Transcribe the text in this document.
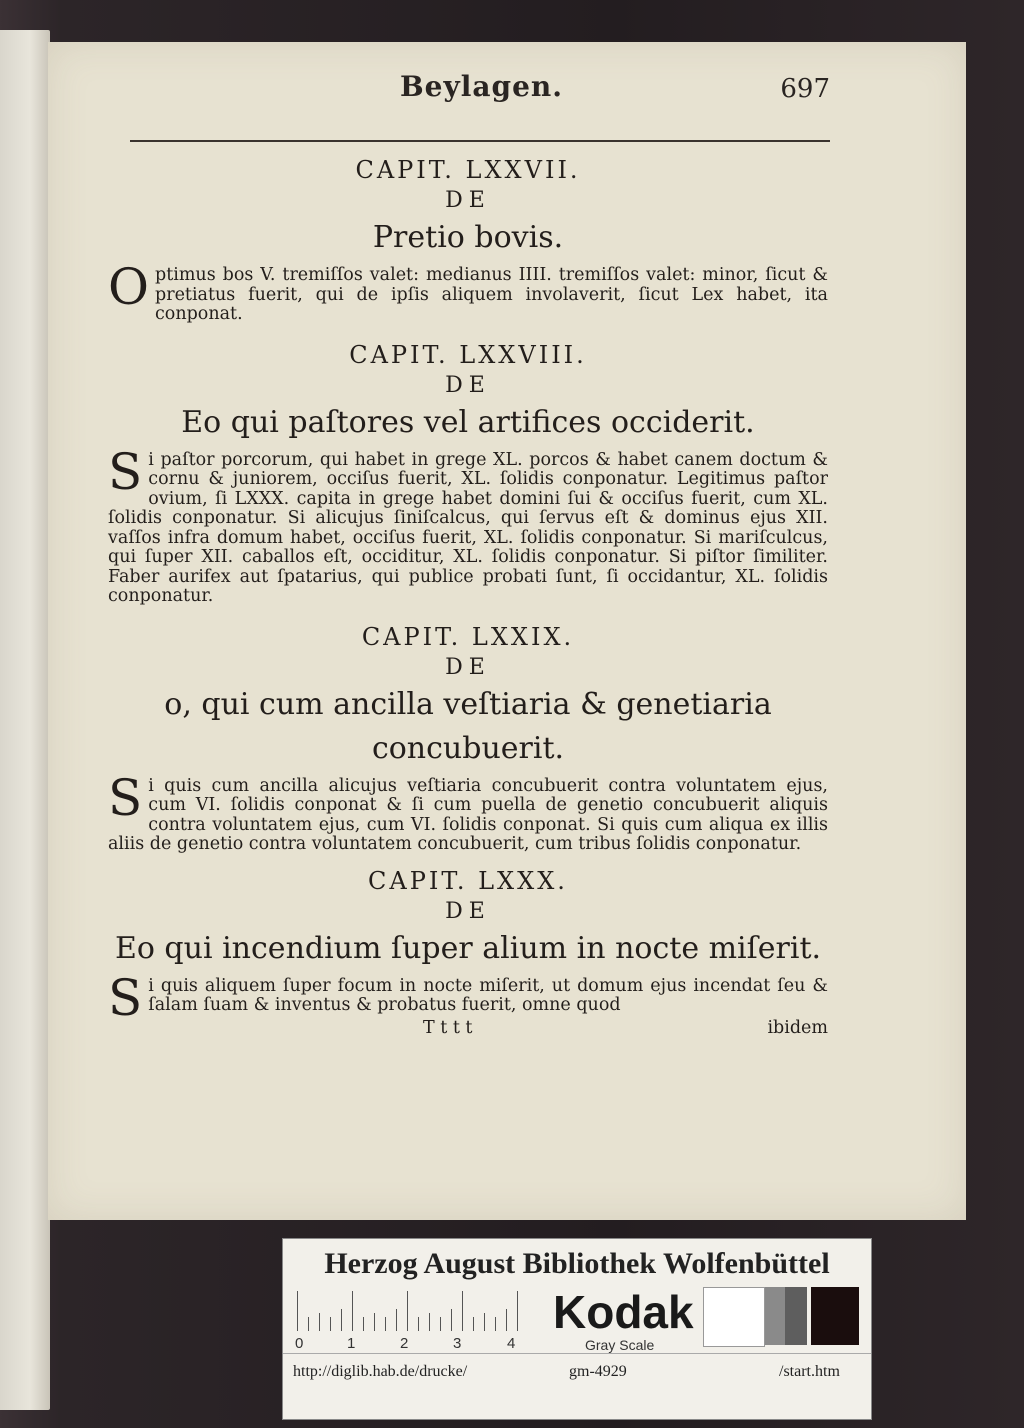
Beylagen.	697

CAPIT. LXXVII.

DE

Pretio bovis.

Optimus bos V. tremiſſos valet: medianus IIII. tremiſſos valet: minor, ſicut & pretiatus fuerit, qui de ipſis aliquem involaverit, ſicut Lex habet, ita conponat.

CAPIT. LXXVIII.

DE

Eo qui paſtores vel artifices occiderit.

Si paſtor porcorum, qui habet in grege XL. porcos & habet canem doctum & cornu & juniorem, occiſus fuerit, XL. ſolidis conponatur. Legitimus paſtor ovium, ſi LXXX. capita in grege habet domini ſui & occiſus fuerit, cum XL. ſolidis conponatur. Si alicujus ſiniſcalcus, qui ſervus eſt & dominus ejus XII. vaſſos infra domum habet, occiſus fuerit, XL. ſolidis conponatur. Si mariſculcus, qui ſuper XII. caballos eſt, occiditur, XL. ſolidis conponatur. Si piſtor ſimiliter. Faber aurifex aut ſpatarius, qui publice probati ſunt, ſi occidantur, XL. ſolidis conponatur.

CAPIT. LXXIX.

DE

o, qui cum ancilla veſtiaria & genetiaria concubuerit.

Si quis cum ancilla alicujus veſtiaria concubuerit contra voluntatem ejus, cum VI. ſolidis conponat & ſi cum puella de genetio concubuerit aliquis contra voluntatem ejus, cum VI. ſolidis conponat. Si quis cum aliqua ex illis aliis de genetio contra voluntatem concubuerit, cum tribus ſolidis conponatur.

CAPIT. LXXX.

DE

Eo qui incendium ſuper alium in nocte miſerit.

Si quis aliquem ſuper focum in nocte miſerit, ut domum ejus incendat ſeu & ſalam ſuam & inventus & probatus fuerit, omne quod

T t t t	ibidem
Herzog August Bibliothek Wolfenbüttel
0	1	2	3	4
Kodak
Gray Scale
http://diglib.hab.de/drucke/	gm-4929	/start.htm
